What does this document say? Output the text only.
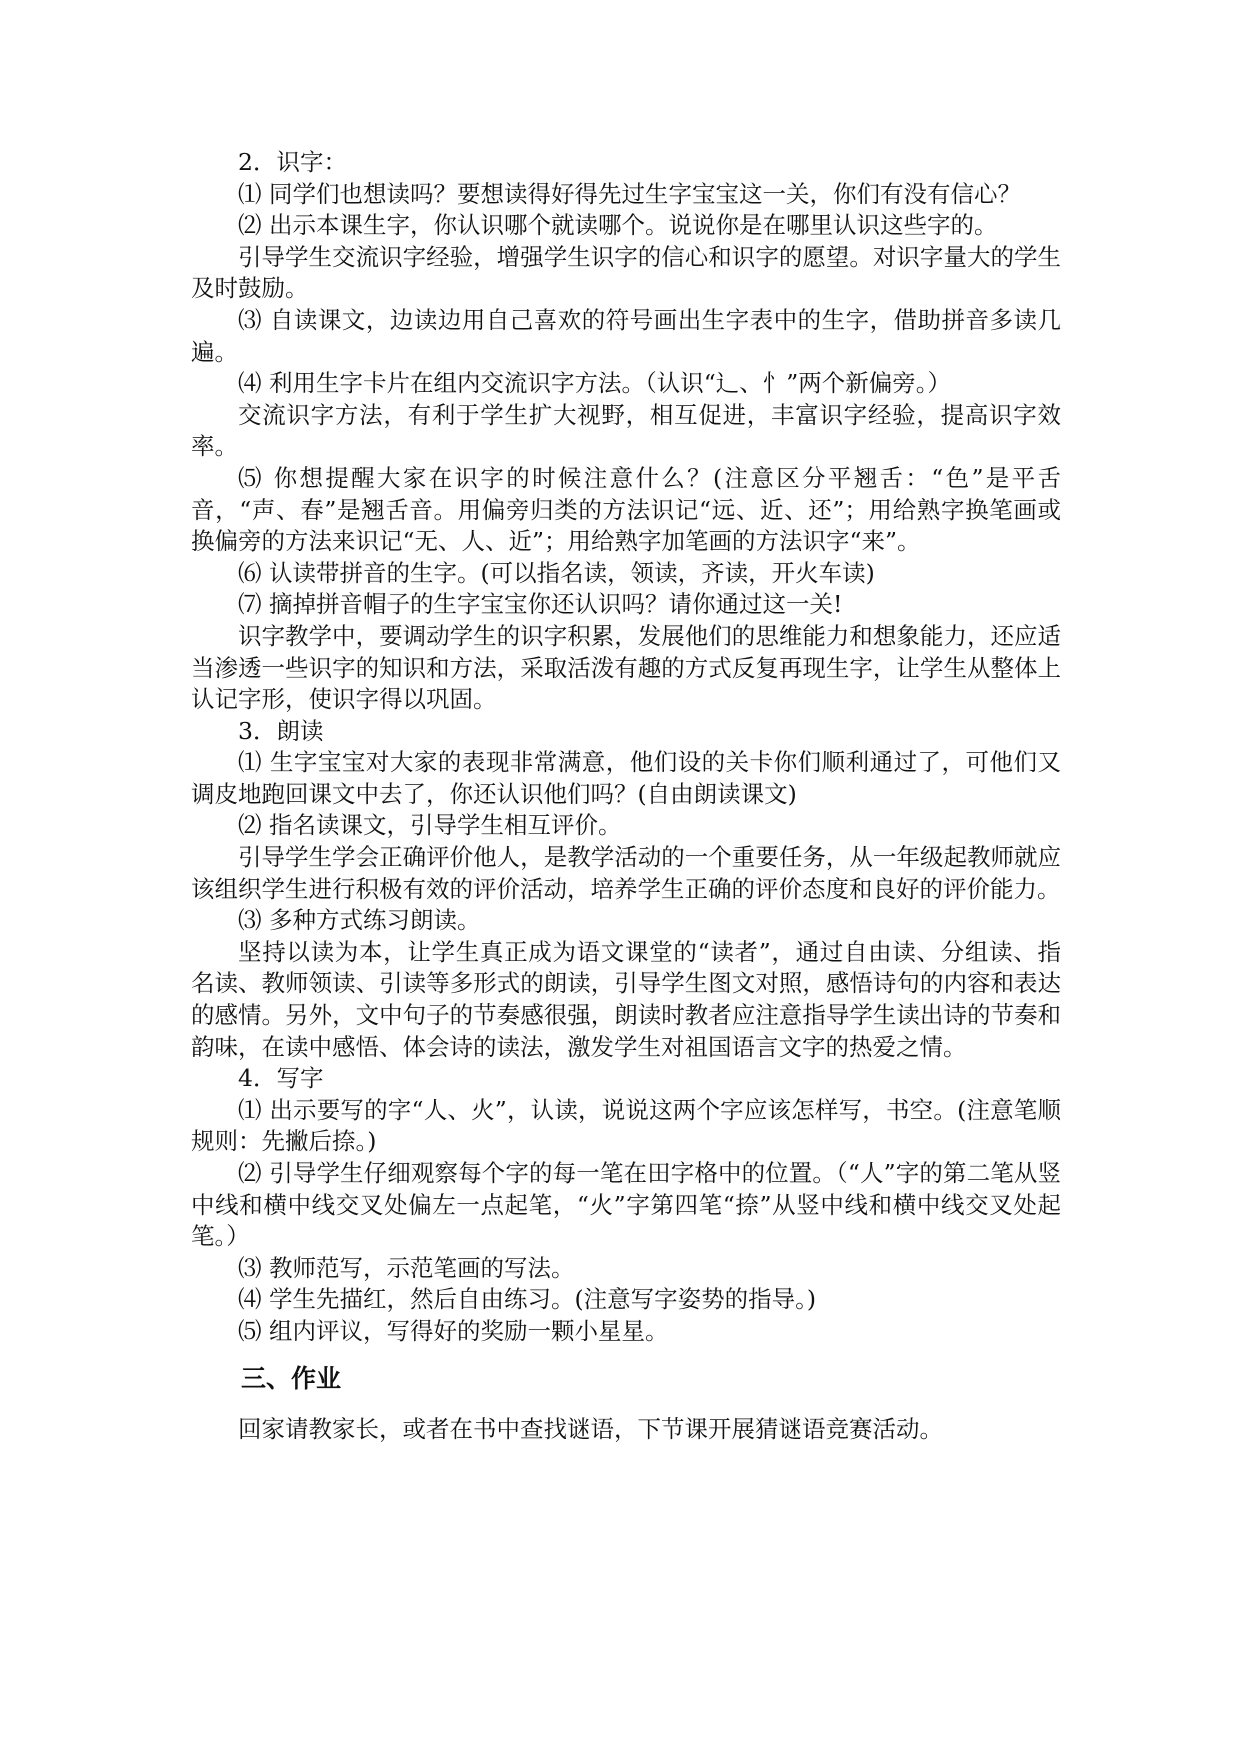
2．识字：

⑴ 同学们也想读吗？要想读得好得先过生字宝宝这一关，你们有没有信心？

⑵ 出示本课生字，你认识哪个就读哪个。说说你是在哪里认识这些字的。

引导学生交流识字经验，增强学生识字的信心和识字的愿望。对识字量大的学生及时鼓励。

⑶ 自读课文，边读边用自己喜欢的符号画出生字表中的生字，借助拼音多读几遍。

⑷ 利用生字卡片在组内交流识字方法。（认识“辶、忄”两个新偏旁。）

交流识字方法，有利于学生扩大视野，相互促进，丰富识字经验，提高识字效率。

⑸ 你想提醒大家在识字的时候注意什么？(注意区分平翘舌：“色”是平舌音，“声、春”是翘舌音。用偏旁归类的方法识记“远、近、还”；用给熟字换笔画或换偏旁的方法来识记“无、人、近”；用给熟字加笔画的方法识字“来”。

⑹ 认读带拼音的生字。(可以指名读，领读，齐读，开火车读)

⑺ 摘掉拼音帽子的生字宝宝你还认识吗？请你通过这一关!

识字教学中，要调动学生的识字积累，发展他们的思维能力和想象能力，还应适当渗透一些识字的知识和方法，采取活泼有趣的方式反复再现生字，让学生从整体上认记字形，使识字得以巩固。

3．朗读

⑴ 生字宝宝对大家的表现非常满意，他们设的关卡你们顺利通过了，可他们又调皮地跑回课文中去了，你还认识他们吗？(自由朗读课文)

⑵ 指名读课文，引导学生相互评价。

引导学生学会正确评价他人，是教学活动的一个重要任务，从一年级起教师就应该组织学生进行积极有效的评价活动，培养学生正确的评价态度和良好的评价能力。

⑶ 多种方式练习朗读。

坚持以读为本，让学生真正成为语文课堂的“读者”，通过自由读、分组读、指名读、教师领读、引读等多形式的朗读，引导学生图文对照，感悟诗句的内容和表达的感情。另外，文中句子的节奏感很强，朗读时教者应注意指导学生读出诗的节奏和韵味，在读中感悟、体会诗的读法，激发学生对祖国语言文字的热爱之情。

4．写字

⑴ 出示要写的字“人、火”，认读，说说这两个字应该怎样写，书空。(注意笔顺规则：先撇后捺。)

⑵ 引导学生仔细观察每个字的每一笔在田字格中的位置。（“人”字的第二笔从竖中线和横中线交叉处偏左一点起笔，“火”字第四笔“捺”从竖中线和横中线交叉处起笔。）

⑶ 教师范写，示范笔画的写法。

⑷ 学生先描红，然后自由练习。(注意写字姿势的指导。)

⑸ 组内评议，写得好的奖励一颗小星星。

三、作业

回家请教家长，或者在书中查找谜语，下节课开展猜谜语竞赛活动。
